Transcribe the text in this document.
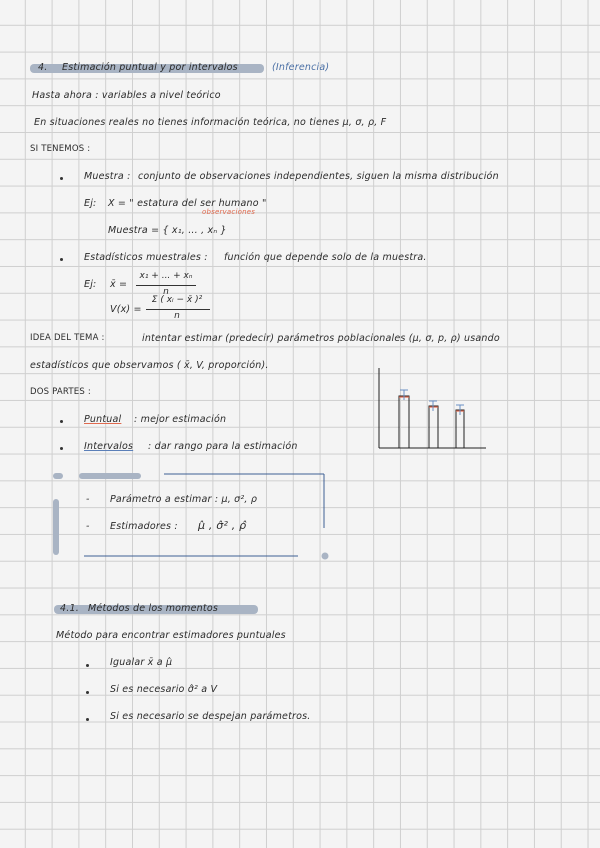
4. Estimación puntual y por intervalos	(Inferencia)
Hasta ahora : variables a nivel teórico
En situaciones reales no tienes información teórica, no tienes μ, σ, ρ, F
SI TENEMOS :
Muestra : conjunto de observaciones independientes, siguen la misma distribución
Ej: X = " estatura del ser humano "
observaciones
Muestra = { x₁, ... , xₙ }
Estadísticos muestrales : función que depende solo de la muestra.
Ej: x̄ =
x₁ + ... + xₙ
n
V(x) =
Σ ( xᵢ − x̄ )²
n
IDEA DEL TEMA :	intentar estimar (predecir) parámetros poblacionales (μ, σ, p, ρ) usando
estadísticos que observamos ( x̄, V, proporción).
DOS PARTES :
Puntual : mejor estimación
Intervalos : dar rango para la estimación
- Parámetro a estimar : μ, σ², ρ
- Estimadores : μ̂ , σ̂² , ρ̂
4.1. Métodos de los momentos
Método para encontrar estimadores puntuales
Igualar x̄ a μ̂
Si es necesario σ̂² a V
Si es necesario se despejan parámetros.
